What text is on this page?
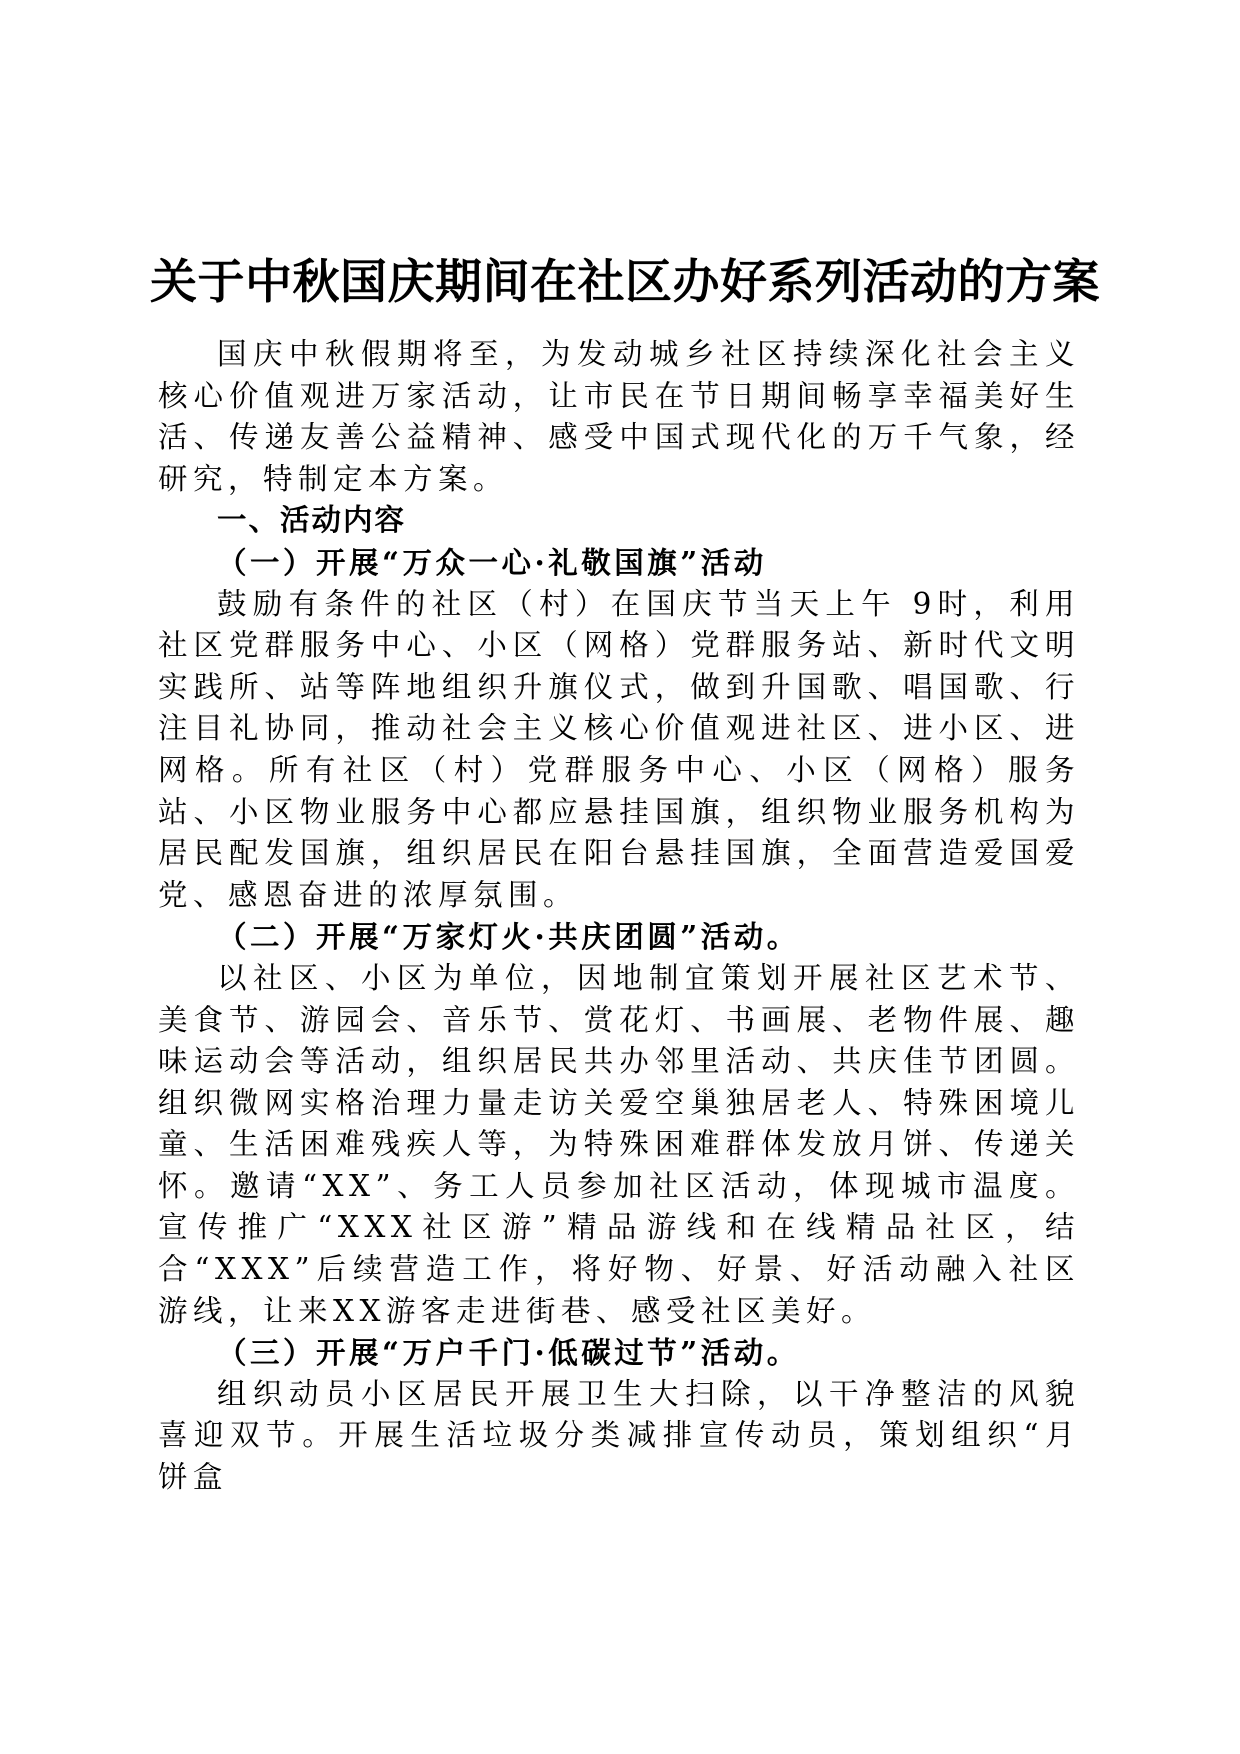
关于中秋国庆期间在社区办好系列活动的方案

国庆中秋假期将至，为发动城乡社区持续深化社会主义核心价值观进万家活动，让市民在节日期间畅享幸福美好生活、传递友善公益精神、感受中国式现代化的万千气象，经研究，特制定本方案。

一、活动内容

（一）开展“万众一心·礼敬国旗”活动

鼓励有条件的社区（村）在国庆节当天上午 9时，利用社区党群服务中心、小区（网格）党群服务站、新时代文明实践所、站等阵地组织升旗仪式，做到升国歌、唱国歌、行注目礼协同，推动社会主义核心价值观进社区、进小区、进网格。所有社区（村）党群服务中心、小区（网格）服务站、小区物业服务中心都应悬挂国旗，组织物业服务机构为居民配发国旗，组织居民在阳台悬挂国旗，全面营造爱国爱党、感恩奋进的浓厚氛围。

（二）开展“万家灯火·共庆团圆”活动。

以社区、小区为单位，因地制宜策划开展社区艺术节、美食节、游园会、音乐节、赏花灯、书画展、老物件展、趣味运动会等活动，组织居民共办邻里活动、共庆佳节团圆。组织微网实格治理力量走访关爱空巢独居老人、特殊困境儿童、生活困难残疾人等，为特殊困难群体发放月饼、传递关怀。邀请“XX”、务工人员参加社区活动，体现城市温度。宣传推广“XXX社区游”精品游线和在线精品社区，结合“XXX”后续营造工作，将好物、好景、好活动融入社区游线，让来XX游客走进街巷、感受社区美好。

（三）开展“万户千门·低碳过节”活动。

组织动员小区居民开展卫生大扫除，以干净整洁的风貌喜迎双节。开展生活垃圾分类减排宣传动员，策划组织“月饼盒
